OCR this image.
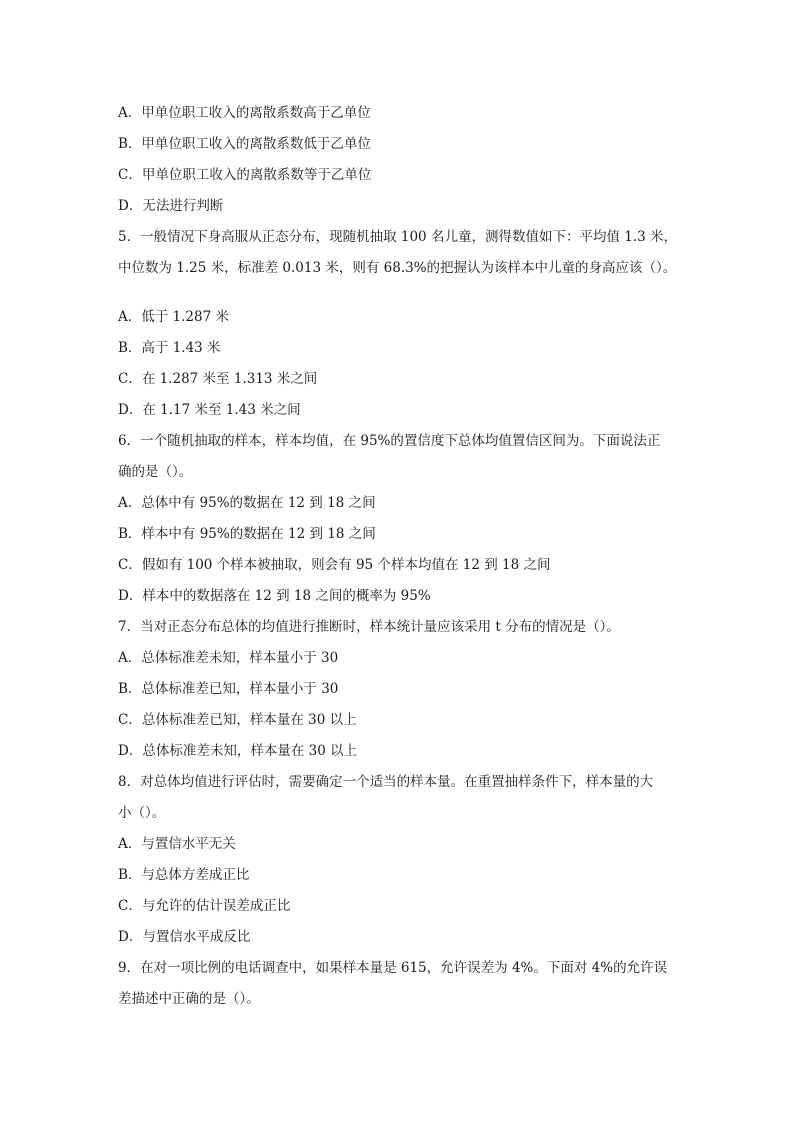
A．甲单位职工收入的离散系数高于乙单位
B．甲单位职工收入的离散系数低于乙单位
C．甲单位职工收入的离散系数等于乙单位
D．无法进行判断
5．一般情况下身高服从正态分布，现随机抽取 100 名儿童，测得数值如下：平均值 1.3 米，
中位数为 1.25 米，标准差 0.013 米，则有 68.3%的把握认为该样本中儿童的身高应该（）。
A．低于 1.287 米
B．高于 1.43 米
C．在 1.287 米至 1.313 米之间
D．在 1.17 米至 1.43 米之间
6．一个随机抽取的样本，样本均值，在 95%的置信度下总体均值置信区间为。下面说法正
确的是（）。
A．总体中有 95%的数据在 12 到 18 之间
B．样本中有 95%的数据在 12 到 18 之间
C．假如有 100 个样本被抽取，则会有 95 个样本均值在 12 到 18 之间
D．样本中的数据落在 12 到 18 之间的概率为 95%
7．当对正态分布总体的均值进行推断时，样本统计量应该采用 t 分布的情况是（）。
A．总体标准差未知，样本量小于 30
B．总体标准差已知，样本量小于 30
C．总体标准差已知，样本量在 30 以上
D．总体标准差未知，样本量在 30 以上
8．对总体均值进行评估时，需要确定一个适当的样本量。在重置抽样条件下，样本量的大
小（）。
A．与置信水平无关
B．与总体方差成正比
C．与允许的估计误差成正比
D．与置信水平成反比
9．在对一项比例的电话调查中，如果样本量是 615，允许误差为 4%。下面对 4%的允许误
差描述中正确的是（）。
